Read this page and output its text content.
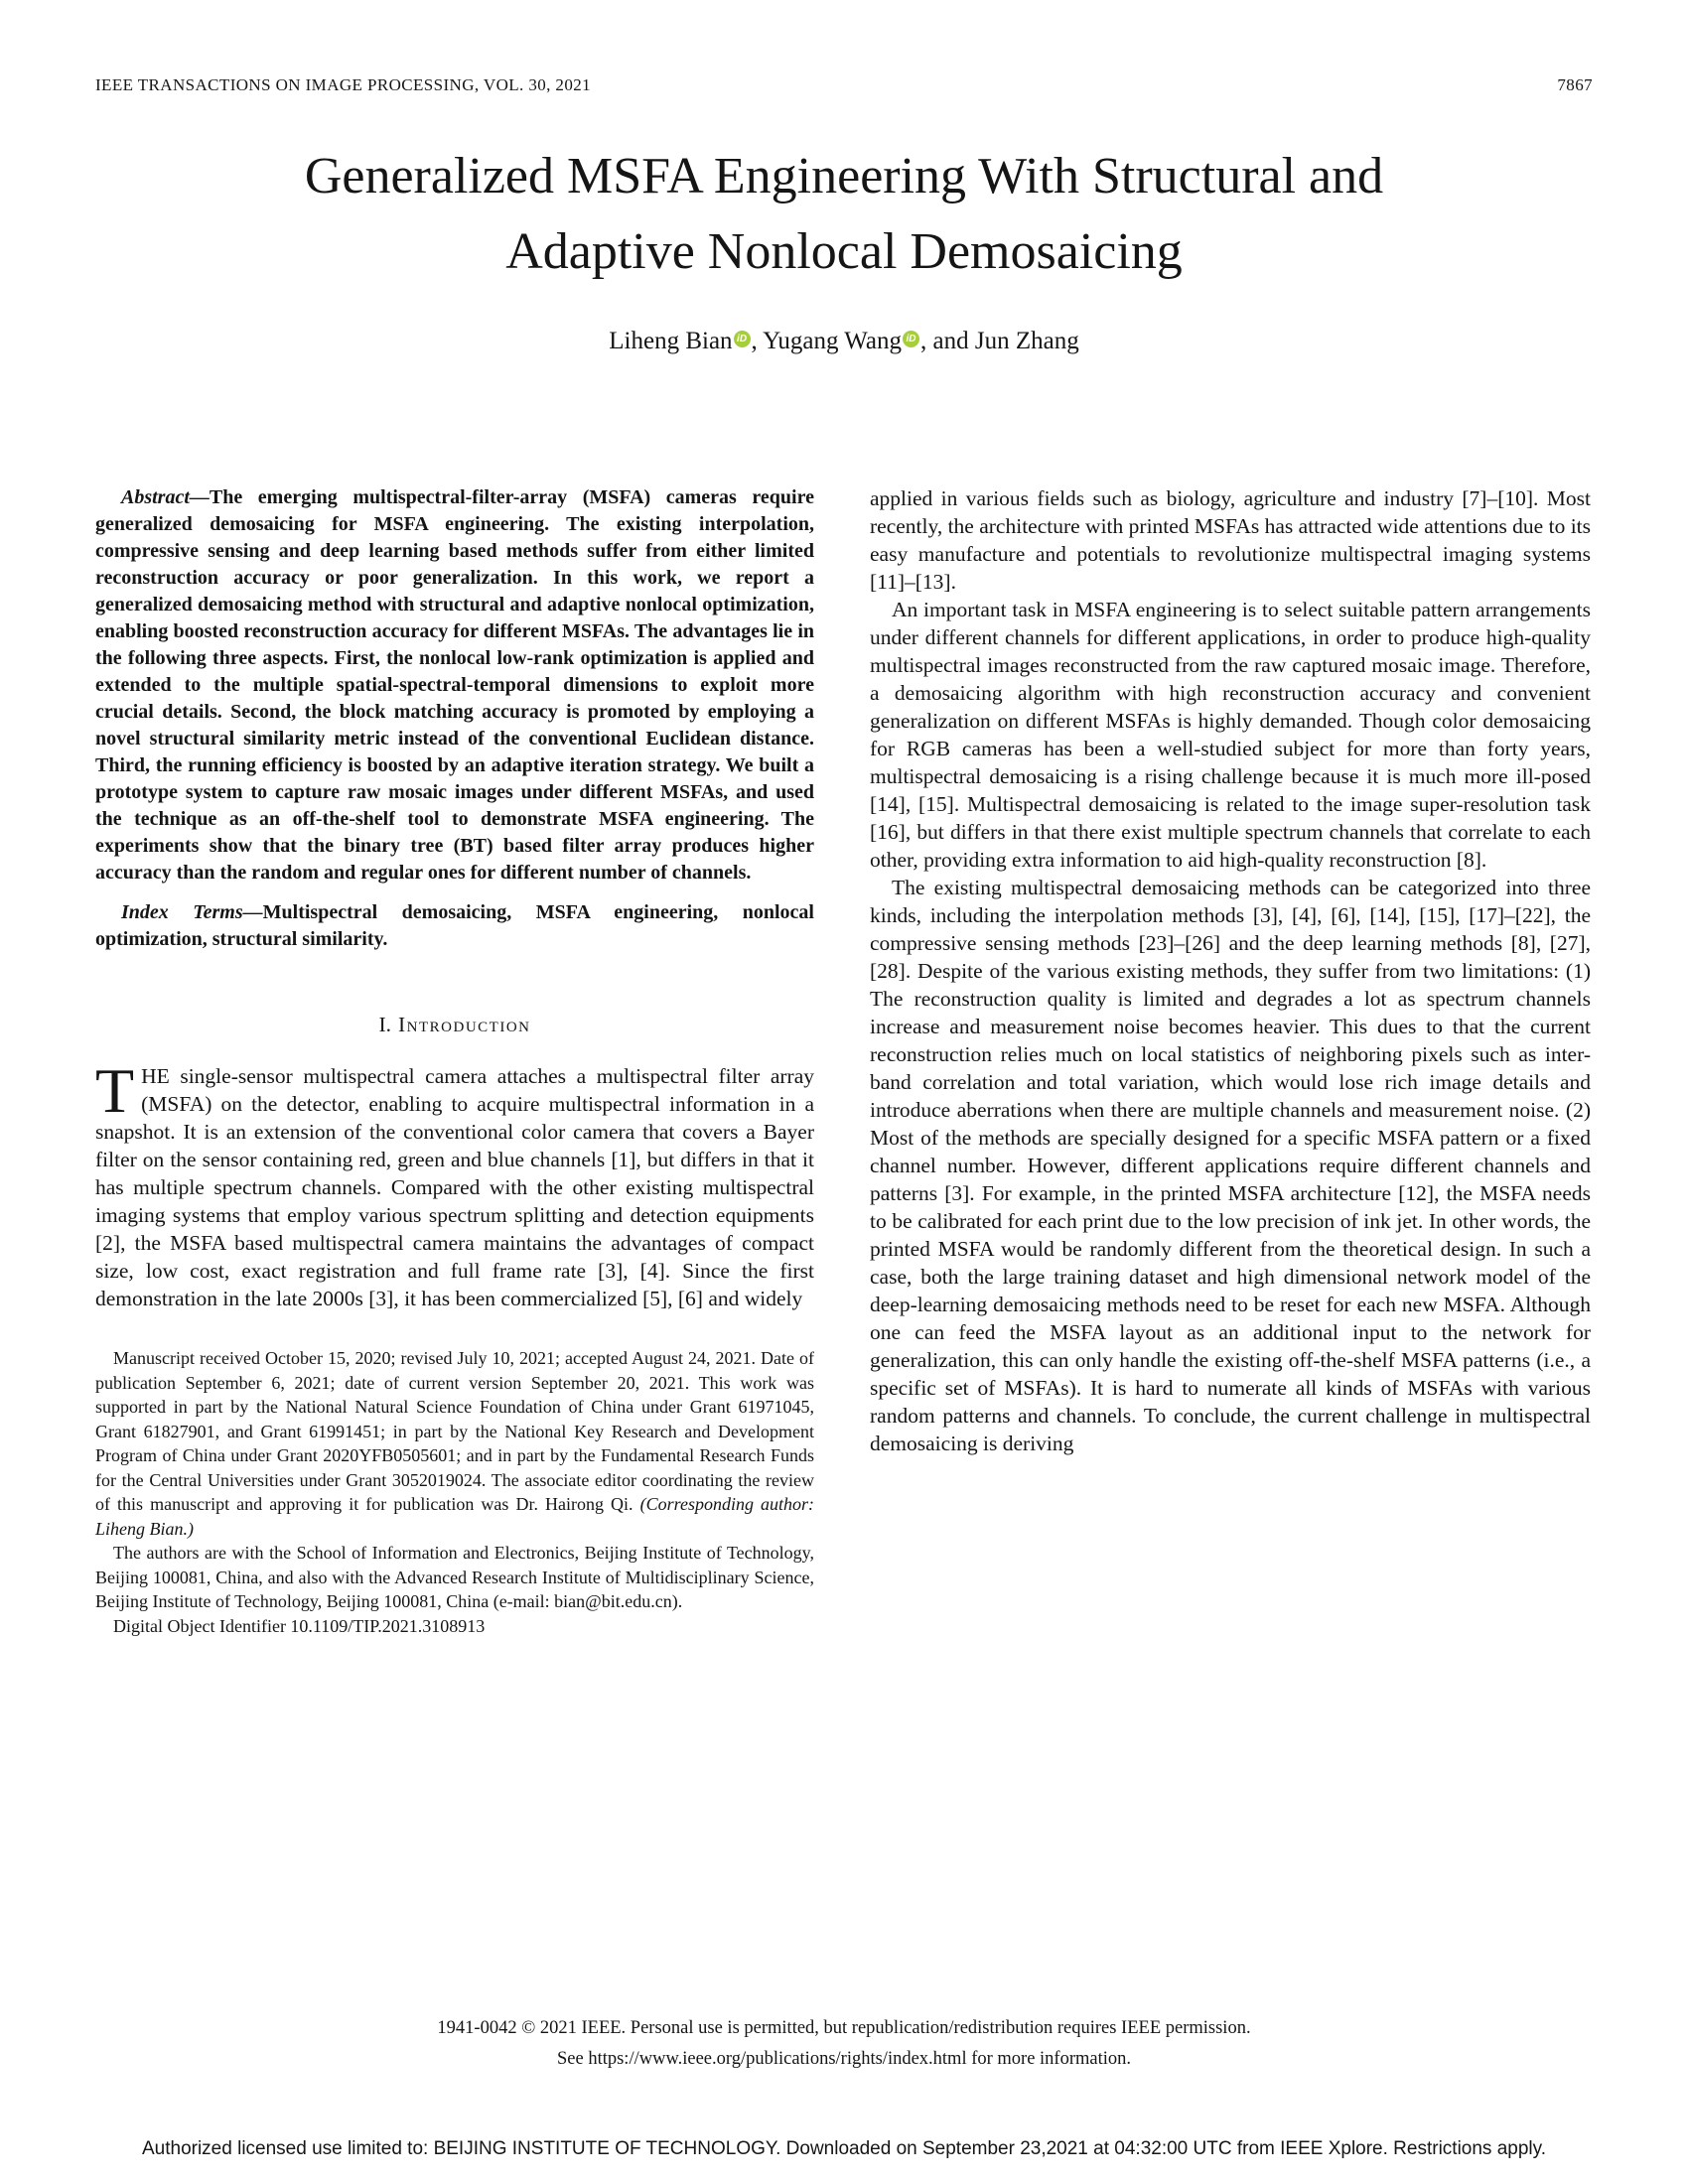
IEEE TRANSACTIONS ON IMAGE PROCESSING, VOL. 30, 2021	7867
Generalized MSFA Engineering With Structural and
Adaptive Nonlocal Demosaicing
Liheng Bian iD , Yugang Wang iD , and Jun Zhang

Abstract—The emerging multispectral-filter-array (MSFA) cameras require generalized demosaicing for MSFA engineering. The existing interpolation, compressive sensing and deep learning based methods suffer from either limited reconstruction accuracy or poor generalization. In this work, we report a generalized demosaicing method with structural and adaptive nonlocal optimization, enabling boosted reconstruction accuracy for different MSFAs. The advantages lie in the following three aspects. First, the nonlocal low-rank optimization is applied and extended to the multiple spatial-spectral-temporal dimensions to exploit more crucial details. Second, the block matching accuracy is promoted by employing a novel structural similarity metric instead of the conventional Euclidean distance. Third, the running efficiency is boosted by an adaptive iteration strategy. We built a prototype system to capture raw mosaic images under different MSFAs, and used the technique as an off-the-shelf tool to demonstrate MSFA engineering. The experiments show that the binary tree (BT) based filter array produces higher accuracy than the random and regular ones for different number of channels.

Index Terms—Multispectral demosaicing, MSFA engineering, nonlocal optimization, structural similarity.

I. Introduction

THE single-sensor multispectral camera attaches a multispectral filter array (MSFA) on the detector, enabling to acquire multispectral information in a snapshot. It is an extension of the conventional color camera that covers a Bayer filter on the sensor containing red, green and blue channels [1], but differs in that it has multiple spectrum channels. Compared with the other existing multispectral imaging systems that employ various spectrum splitting and detection equipments [2], the MSFA based multispectral camera maintains the advantages of compact size, low cost, exact registration and full frame rate [3], [4]. Since the first demonstration in the late 2000s [3], it has been commercialized [5], [6] and widely

Manuscript received October 15, 2020; revised July 10, 2021; accepted August 24, 2021. Date of publication September 6, 2021; date of current version September 20, 2021. This work was supported in part by the National Natural Science Foundation of China under Grant 61971045, Grant 61827901, and Grant 61991451; in part by the National Key Research and Development Program of China under Grant 2020YFB0505601; and in part by the Fundamental Research Funds for the Central Universities under Grant 3052019024. The associate editor coordinating the review of this manuscript and approving it for publication was Dr. Hairong Qi. (Corresponding author: Liheng Bian.)

The authors are with the School of Information and Electronics, Beijing Institute of Technology, Beijing 100081, China, and also with the Advanced Research Institute of Multidisciplinary Science, Beijing Institute of Technology, Beijing 100081, China (e-mail: bian@bit.edu.cn).

Digital Object Identifier 10.1109/TIP.2021.3108913

applied in various fields such as biology, agriculture and industry [7]–[10]. Most recently, the architecture with printed MSFAs has attracted wide attentions due to its easy manufacture and potentials to revolutionize multispectral imaging systems [11]–[13].

An important task in MSFA engineering is to select suitable pattern arrangements under different channels for different applications, in order to produce high-quality multispectral images reconstructed from the raw captured mosaic image. Therefore, a demosaicing algorithm with high reconstruction accuracy and convenient generalization on different MSFAs is highly demanded. Though color demosaicing for RGB cameras has been a well-studied subject for more than forty years, multispectral demosaicing is a rising challenge because it is much more ill-posed [14], [15]. Multispectral demosaicing is related to the image super-resolution task [16], but differs in that there exist multiple spectrum channels that correlate to each other, providing extra information to aid high-quality reconstruction [8].

The existing multispectral demosaicing methods can be categorized into three kinds, including the interpolation methods [3], [4], [6], [14], [15], [17]–[22], the compressive sensing methods [23]–[26] and the deep learning methods [8], [27], [28]. Despite of the various existing methods, they suffer from two limitations: (1) The reconstruction quality is limited and degrades a lot as spectrum channels increase and measurement noise becomes heavier. This dues to that the current reconstruction relies much on local statistics of neighboring pixels such as inter-band correlation and total variation, which would lose rich image details and introduce aberrations when there are multiple channels and measurement noise. (2) Most of the methods are specially designed for a specific MSFA pattern or a fixed channel number. However, different applications require different channels and patterns [3]. For example, in the printed MSFA architecture [12], the MSFA needs to be calibrated for each print due to the low precision of ink jet. In other words, the printed MSFA would be randomly different from the theoretical design. In such a case, both the large training dataset and high dimensional network model of the deep-learning demosaicing methods need to be reset for each new MSFA. Although one can feed the MSFA layout as an additional input to the network for generalization, this can only handle the existing off-the-shelf MSFA patterns (i.e., a specific set of MSFAs). It is hard to numerate all kinds of MSFAs with various random patterns and channels. To conclude, the current challenge in multispectral demosaicing is deriving

1941-0042 © 2021 IEEE. Personal use is permitted, but republication/redistribution requires IEEE permission.
See https://www.ieee.org/publications/rights/index.html for more information.
Authorized licensed use limited to: BEIJING INSTITUTE OF TECHNOLOGY. Downloaded on September 23,2021 at 04:32:00 UTC from IEEE Xplore. Restrictions apply.
